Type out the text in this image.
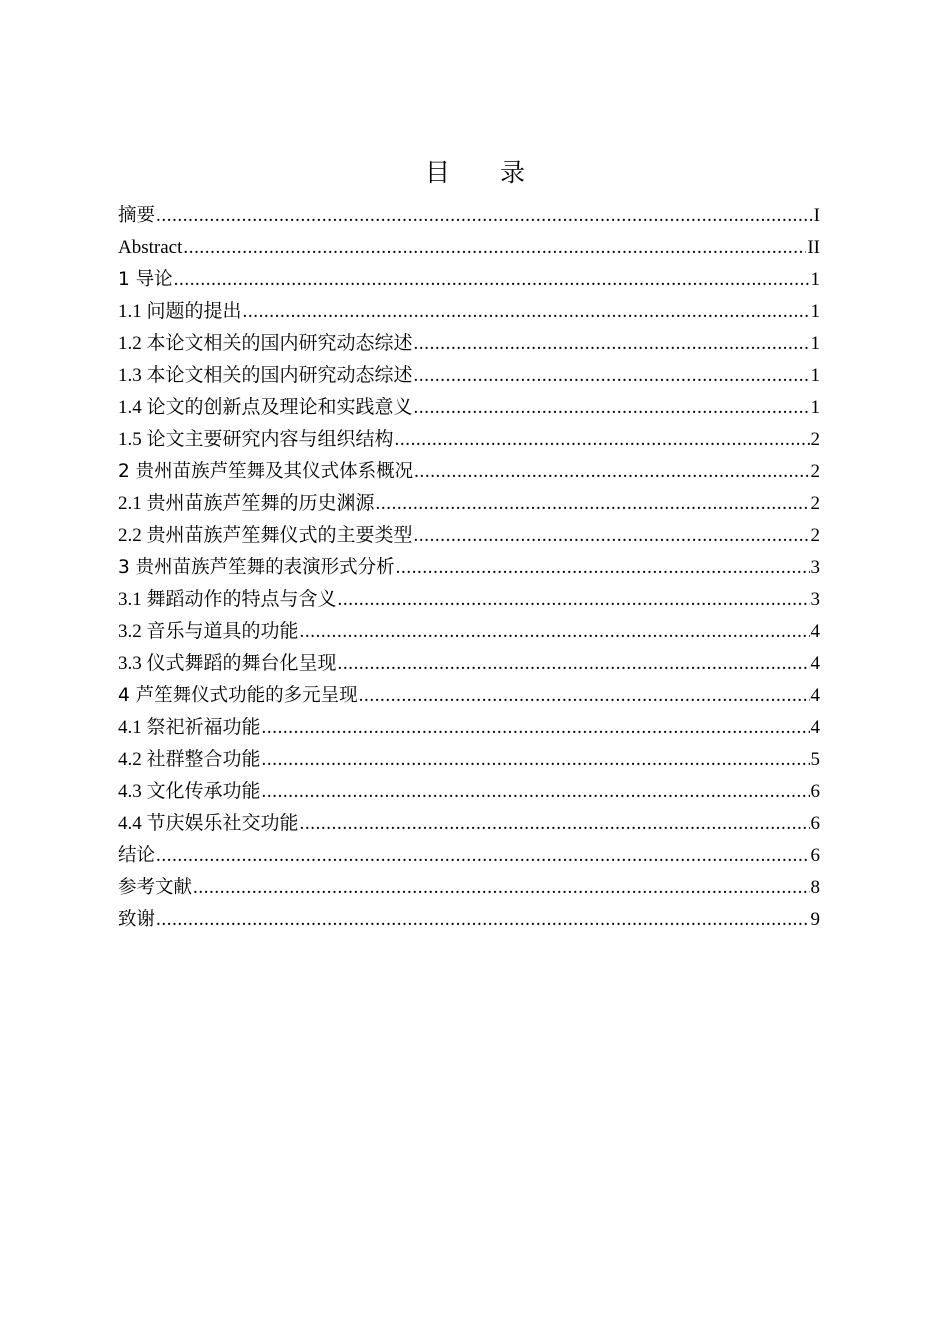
目　　录
摘要 .....	I
Abstract .....	II
1 导论 .....	1
1.1 问题的提出 .....	1
1.2 本论文相关的国内研究动态综述 .....	1
1.3 本论文相关的国内研究动态综述 .....	1
1.4 论文的创新点及理论和实践意义 .....	1
1.5 论文主要研究内容与组织结构 .....	2
2 贵州苗族芦笙舞及其仪式体系概况 .....	2
2.1 贵州苗族芦笙舞的历史渊源 .....	2
2.2 贵州苗族芦笙舞仪式的主要类型 .....	2
3 贵州苗族芦笙舞的表演形式分析 .....	3
3.1 舞蹈动作的特点与含义 .....	3
3.2 音乐与道具的功能 .....	4
3.3 仪式舞蹈的舞台化呈现 .....	4
4 芦笙舞仪式功能的多元呈现 .....	4
4.1 祭祀祈福功能 .....	4
4.2 社群整合功能 .....	5
4.3 文化传承功能 .....	6
4.4 节庆娱乐社交功能 .....	6
结论 .....	6
参考文献 .....	8
致谢 .....	9
